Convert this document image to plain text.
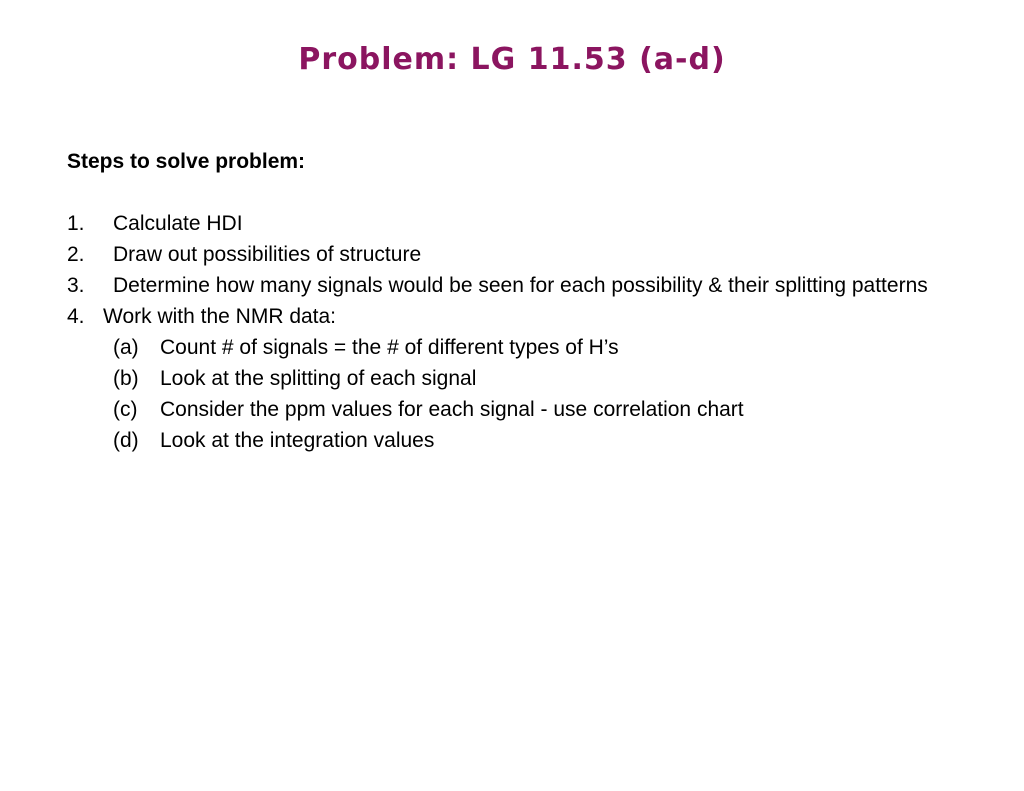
Problem: LG 11.53 (a-d)
Steps to solve problem:
1.	Calculate HDI
2.	Draw out possibilities of structure
3.	Determine how many signals would be seen for each possibility & their splitting patterns
4. Work with the NMR data:
(a)	Count # of signals = the # of different types of H’s
(b)	Look at the splitting of each signal
(c)	Consider the ppm values for each signal - use correlation chart
(d)	Look at the integration values
